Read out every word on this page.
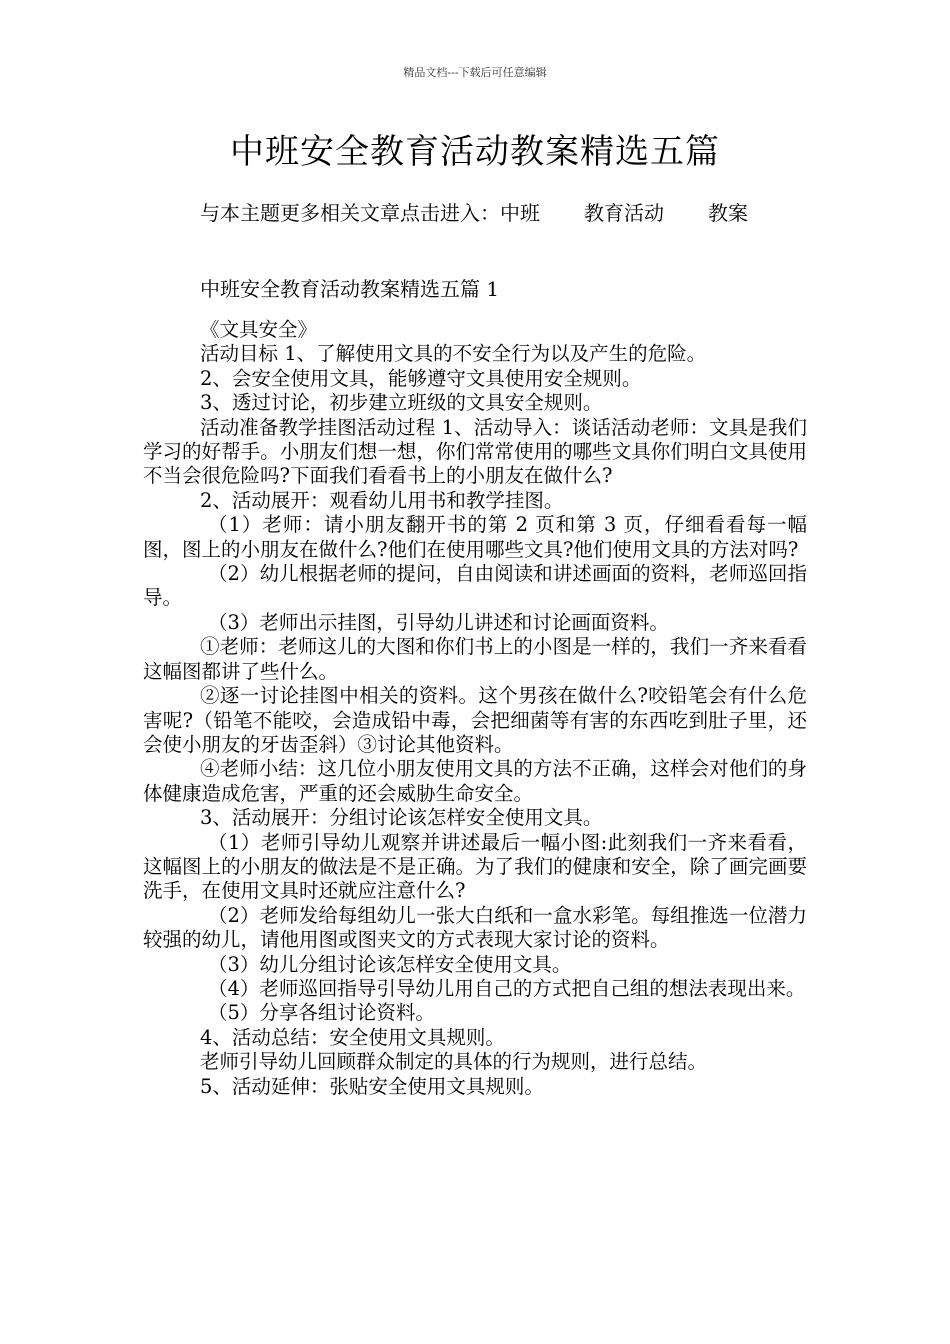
精品文档---下载后可任意编辑
中班安全教育活动教案精选五篇
与本主题更多相关文章点击进入：中班 教育活动 教案
中班安全教育活动教案精选五篇 1

《文具安全》

活动目标 1、了解使用文具的不安全行为以及产生的危险。

2、会安全使用文具，能够遵守文具使用安全规则。

3、透过讨论，初步建立班级的文具安全规则。

活动准备教学挂图活动过程 1、活动导入：谈话活动老师：文具是我们学习的好帮手。小朋友们想一想，你们常常使用的哪些文具你们明白文具使用不当会很危险吗?下面我们看看书上的小朋友在做什么?

2、活动展开：观看幼儿用书和教学挂图。

（1）老师：请小朋友翻开书的第 2 页和第 3 页，仔细看看每一幅图，图上的小朋友在做什么?他们在使用哪些文具?他们使用文具的方法对吗?

（2）幼儿根据老师的提问，自由阅读和讲述画面的资料，老师巡回指导。

（3）老师出示挂图，引导幼儿讲述和讨论画面资料。

①老师：老师这儿的大图和你们书上的小图是一样的，我们一齐来看看这幅图都讲了些什么。

②逐一讨论挂图中相关的资料。这个男孩在做什么?咬铅笔会有什么危害呢?（铅笔不能咬，会造成铅中毒，会把细菌等有害的东西吃到肚子里，还会使小朋友的牙齿歪斜）③讨论其他资料。

④老师小结：这几位小朋友使用文具的方法不正确，这样会对他们的身体健康造成危害，严重的还会威胁生命安全。

3、活动展开：分组讨论该怎样安全使用文具。

（1）老师引导幼儿观察并讲述最后一幅小图:此刻我们一齐来看看，这幅图上的小朋友的做法是不是正确。为了我们的健康和安全，除了画完画要洗手，在使用文具时还就应注意什么?

（2）老师发给每组幼儿一张大白纸和一盒水彩笔。每组推选一位潜力较强的幼儿，请他用图或图夹文的方式表现大家讨论的资料。

（3）幼儿分组讨论该怎样安全使用文具。

（4）老师巡回指导引导幼儿用自己的方式把自己组的想法表现出来。

（5）分享各组讨论资料。

4、活动总结：安全使用文具规则。

老师引导幼儿回顾群众制定的具体的行为规则，进行总结。

5、活动延伸：张贴安全使用文具规则。
